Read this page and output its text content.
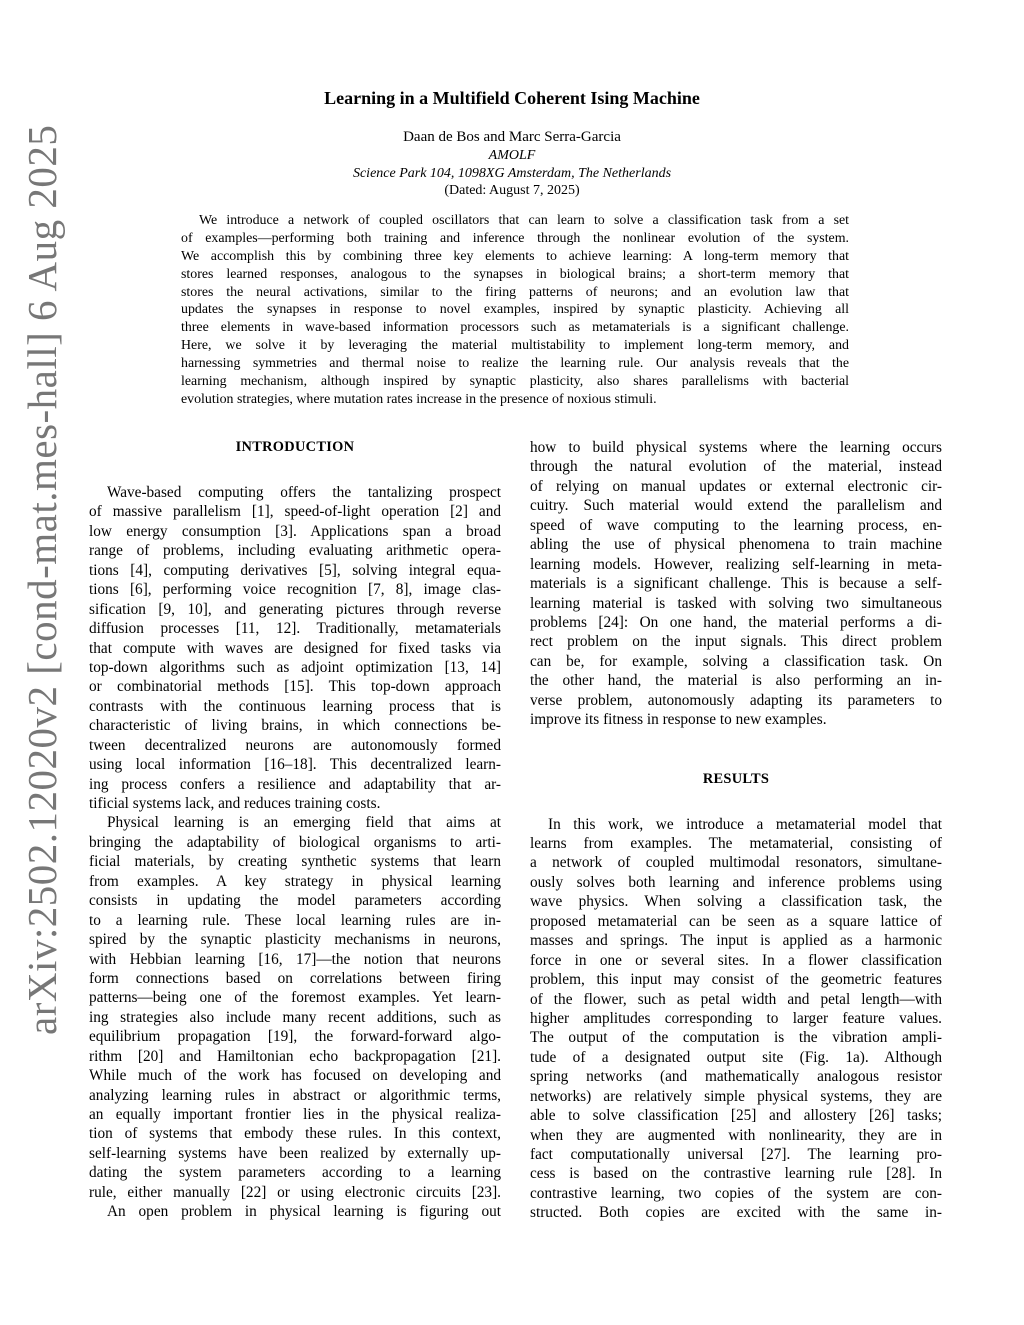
arXiv:2502.12020v2 [cond-mat.mes-hall] 6 Aug 2025
Learning in a Multifield Coherent Ising Machine
Daan de Bos and Marc Serra-Garcia
AMOLF
Science Park 104, 1098XG Amsterdam, The Netherlands
(Dated: August 7, 2025)
We introduce a network of coupled oscillators that can learn to solve a classification task from a set
of examples—performing both training and inference through the nonlinear evolution of the system.
We accomplish this by combining three key elements to achieve learning: A long-term memory that
stores learned responses, analogous to the synapses in biological brains; a short-term memory that
stores the neural activations, similar to the firing patterns of neurons; and an evolution law that
updates the synapses in response to novel examples, inspired by synaptic plasticity. Achieving all
three elements in wave-based information processors such as metamaterials is a significant challenge.
Here, we solve it by leveraging the material multistability to implement long-term memory, and
harnessing symmetries and thermal noise to realize the learning rule. Our analysis reveals that the
learning mechanism, although inspired by synaptic plasticity, also shares parallelisms with bacterial
evolution strategies, where mutation rates increase in the presence of noxious stimuli.
INTRODUCTION
Wave-based computing offers the tantalizing prospect
of massive parallelism [1], speed-of-light operation [2] and
low energy consumption [3]. Applications span a broad
range of problems, including evaluating arithmetic opera-
tions [4], computing derivatives [5], solving integral equa-
tions [6], performing voice recognition [7, 8], image clas-
sification [9, 10], and generating pictures through reverse
diffusion processes [11, 12]. Traditionally, metamaterials
that compute with waves are designed for fixed tasks via
top-down algorithms such as adjoint optimization [13, 14]
or combinatorial methods [15]. This top-down approach
contrasts with the continuous learning process that is
characteristic of living brains, in which connections be-
tween decentralized neurons are autonomously formed
using local information [16–18]. This decentralized learn-
ing process confers a resilience and adaptability that ar-
tificial systems lack, and reduces training costs.
Physical learning is an emerging field that aims at
bringing the adaptability of biological organisms to arti-
ficial materials, by creating synthetic systems that learn
from examples. A key strategy in physical learning
consists in updating the model parameters according
to a learning rule. These local learning rules are in-
spired by the synaptic plasticity mechanisms in neurons,
with Hebbian learning [16, 17]—the notion that neurons
form connections based on correlations between firing
patterns—being one of the foremost examples. Yet learn-
ing strategies also include many recent additions, such as
equilibrium propagation [19], the forward-forward algo-
rithm [20] and Hamiltonian echo backpropagation [21].
While much of the work has focused on developing and
analyzing learning rules in abstract or algorithmic terms,
an equally important frontier lies in the physical realiza-
tion of systems that embody these rules. In this context,
self-learning systems have been realized by externally up-
dating the system parameters according to a learning
rule, either manually [22] or using electronic circuits [23].
An open problem in physical learning is figuring out
how to build physical systems where the learning occurs
through the natural evolution of the material, instead
of relying on manual updates or external electronic cir-
cuitry. Such material would extend the parallelism and
speed of wave computing to the learning process, en-
abling the use of physical phenomena to train machine
learning models. However, realizing self-learning in meta-
materials is a significant challenge. This is because a self-
learning material is tasked with solving two simultaneous
problems [24]: On one hand, the material performs a di-
rect problem on the input signals. This direct problem
can be, for example, solving a classification task. On
the other hand, the material is also performing an in-
verse problem, autonomously adapting its parameters to
improve its fitness in response to new examples.
RESULTS
In this work, we introduce a metamaterial model that
learns from examples. The metamaterial, consisting of
a network of coupled multimodal resonators, simultane-
ously solves both learning and inference problems using
wave physics. When solving a classification task, the
proposed metamaterial can be seen as a square lattice of
masses and springs. The input is applied as a harmonic
force in one or several sites. In a flower classification
problem, this input may consist of the geometric features
of the flower, such as petal width and petal length—with
higher amplitudes corresponding to larger feature values.
The output of the computation is the vibration ampli-
tude of a designated output site (Fig. 1a). Although
spring networks (and mathematically analogous resistor
networks) are relatively simple physical systems, they are
able to solve classification [25] and allostery [26] tasks;
when they are augmented with nonlinearity, they are in
fact computationally universal [27]. The learning pro-
cess is based on the contrastive learning rule [28]. In
contrastive learning, two copies of the system are con-
structed. Both copies are excited with the same in-
